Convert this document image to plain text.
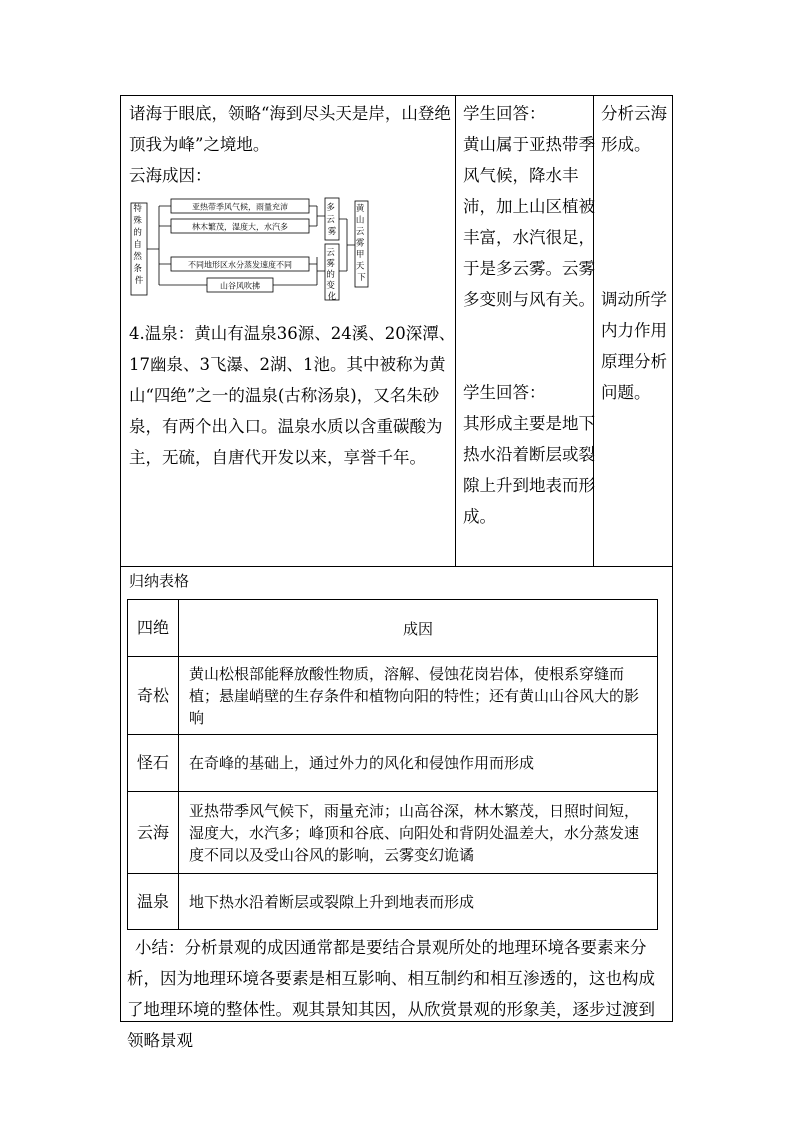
诸海于眼底，领略“海到尽头天是岸，山登绝顶我为峰”之境地。

云海成因：

特 殊 的 自 然 条 件
亚热带季风气候，雨量充沛
林木繁茂，湿度大，水汽多
不同地形区水分蒸发速度不同
山谷风吹拂
多 云 雾
云 雾 的 变 化
黄 山 云 雾 甲 天 下

4.温泉：黄山有温泉36源、24溪、20深潭、17幽泉、3飞瀑、2湖、1池。其中被称为黄山“四绝”之一的温泉(古称汤泉)，又名朱砂泉，有两个出入口。温泉水质以含重碳酸为主，无硫，自唐代开发以来，享誉千年。

学生回答：

黄山属于亚热带季风气候，降水丰沛，加上山区植被丰富，水汽很足，于是多云雾。云雾多变则与风有关。

学生回答：

其形成主要是地下热水沿着断层或裂隙上升到地表而形成。

分析云海形成。

调动所学内力作用原理分析问题。

归纳表格
四绝	成因
奇松	黄山松根部能释放酸性物质，溶解、侵蚀花岗岩体，使根系穿缝而植；悬崖峭壁的生存条件和植物向阳的特性；还有黄山山谷风大的影响
怪石	在奇峰的基础上，通过外力的风化和侵蚀作用而形成
云海	亚热带季风气候下，雨量充沛；山高谷深，林木繁茂，日照时间短，湿度大，水汽多；峰顶和谷底、向阳处和背阴处温差大，水分蒸发速度不同以及受山谷风的影响，云雾变幻诡谲
温泉	地下热水沿着断层或裂隙上升到地表而形成
小结：分析景观的成因通常都是要结合景观所处的地理环境各要素来分析，因为地理环境各要素是相互影响、相互制约和相互渗透的，这也构成了地理环境的整体性。观其景知其因，从欣赏景观的形象美，逐步过渡到领略景观
